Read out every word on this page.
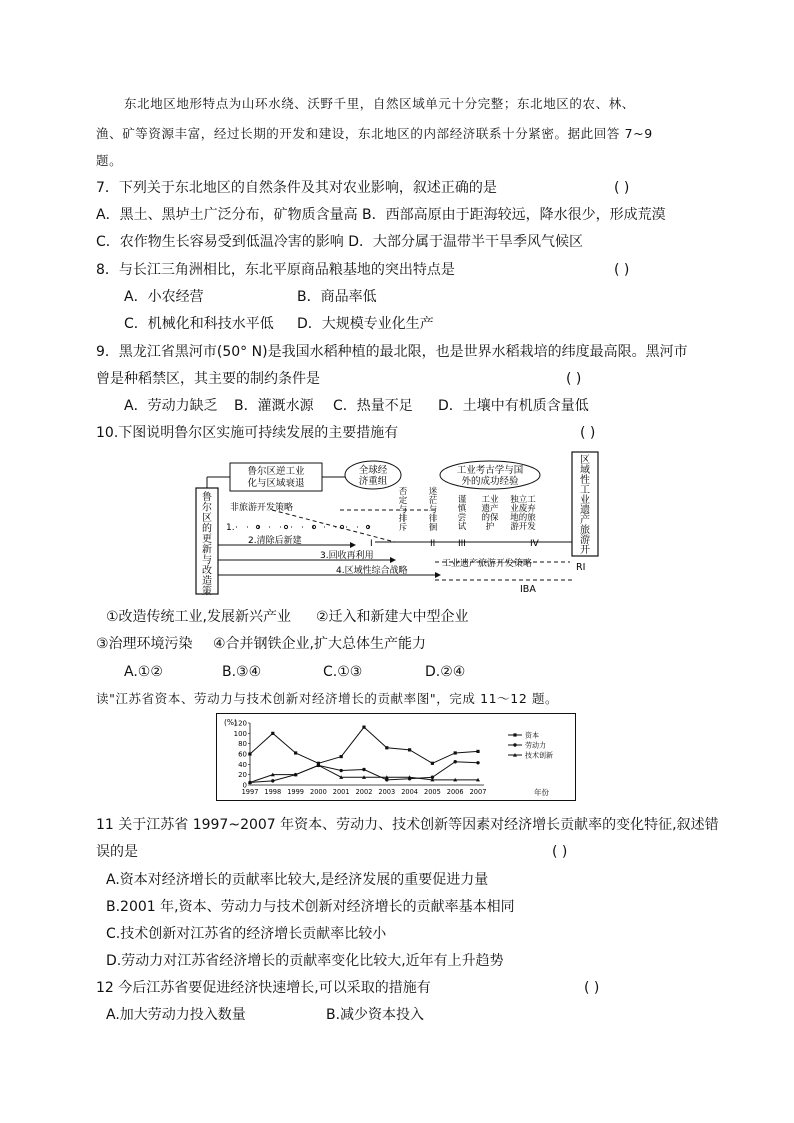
东北地区地形特点为山环水绕、沃野千里，自然区域单元十分完整；东北地区的农、林、
渔、矿等资源丰富，经过长期的开发和建设，东北地区的内部经济联系十分紧密。据此回答 7~9
题。
7．下列关于东北地区的自然条件及其对农业影响，叙述正确的是	( )
A．黑土、黑垆土广泛分布，矿物质含量高 B．西部高原由于距海较远，降水很少，形成荒漠
C．农作物生长容易受到低温冷害的影响 D．大部分属于温带半干旱季风气候区
8．与长江三角洲相比，东北平原商品粮基地的突出特点是	( )
A．小农经营	B．商品率低
C．机械化和科技水平低 D．大规模专业化生产
9．黑龙江省黑河市(50° N)是我国水稻种植的最北限，也是世界水稻栽培的纬度最高限。黑河市
曾是种稻禁区，其主要的制约条件是	( )
A．劳动力缺乏 B．灌溉水源 C．热量不足 D．土壤中有机质含量低
10.下图说明鲁尔区实施可持续发展的主要措施有	( )
鲁尔区逆工业化与区域衰退
全球经济重组
工业考古学与国外的成功经验
鲁尔区的更新与改造策
区域性工业遗产旅游开
非旅游开发策略
1.
2.清除后新建
3.回收再利用
4.区域性综合战略
工业遗产旅游开发策略
IBA
RI
I	II	III	IV
否定与排斥
迷茫与徘徊
谨慎尝试
工业遗产的保护
独立工业废弃地的旅游开发
①改造传统工业,发展新兴产业 ②迁入和新建大中型企业
③治理环境污染 ④合并钢铁企业,扩大总体生产能力
A.①②	B.③④	C.①③	D.②④
读"江苏省资本、劳动力与技术创新对经济增长的贡献率图"，完成 11～12 题。
(%)
年份
0
20
40
60
80
100
120
1997 1998 1999 2000 2001 2002 2003 2004 2005 2006 2007
资本
劳动力
技术创新
11 关于江苏省 1997~2007 年资本、劳动力、技术创新等因素对经济增长贡献率的变化特征,叙述错
误的是	( )
A.资本对经济增长的贡献率比较大,是经济发展的重要促进力量
B.2001 年,资本、劳动力与技术创新对经济增长的贡献率基本相同
C.技术创新对江苏省的经济增长贡献率比较小
D.劳动力对江苏省经济增长的贡献率变化比较大,近年有上升趋势
12 今后江苏省要促进经济快速增长,可以采取的措施有	( )
A.加大劳动力投入数量	B.减少资本投入
